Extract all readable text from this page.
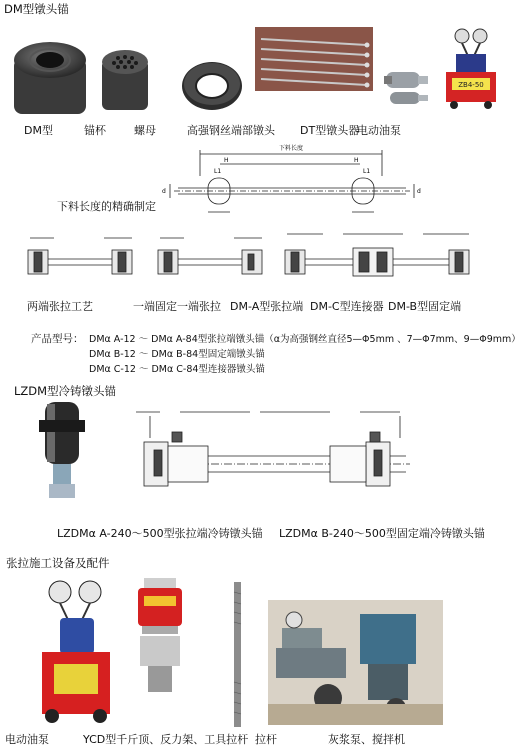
DM型镦头锚
ZB4-50
DM型	锚杯	螺母	高强钢丝端部镦头 DT型镦头器
电动油泵
下料长度
L1
H	H
L1
d	d
下料长度的精确制定
两端张拉工艺	一端固定一端张拉 DM-A型张拉端 DM-C型连接器 DM-B型固定端
产品型号： DMα A-12 ～ DMα A-84型张拉端镦头锚（α为高强钢丝直径5—Φ5mm 、7—Φ7mm、9—Φ9mm）
DMα B-12 ～ DMα B-84型固定端镦头锚
DMα C-12 ～ DMα C-84型连接器镦头锚
LZDM型冷铸镦头锚
LZDMα A-240～500型张拉端冷铸镦头锚 LZDMα B-240～500型固定端冷铸镦头锚
张拉施工设备及配件
电动油泵	YCD型千斤顶、反力架、工具拉杆 拉杆	灰浆泵、搅拌机
